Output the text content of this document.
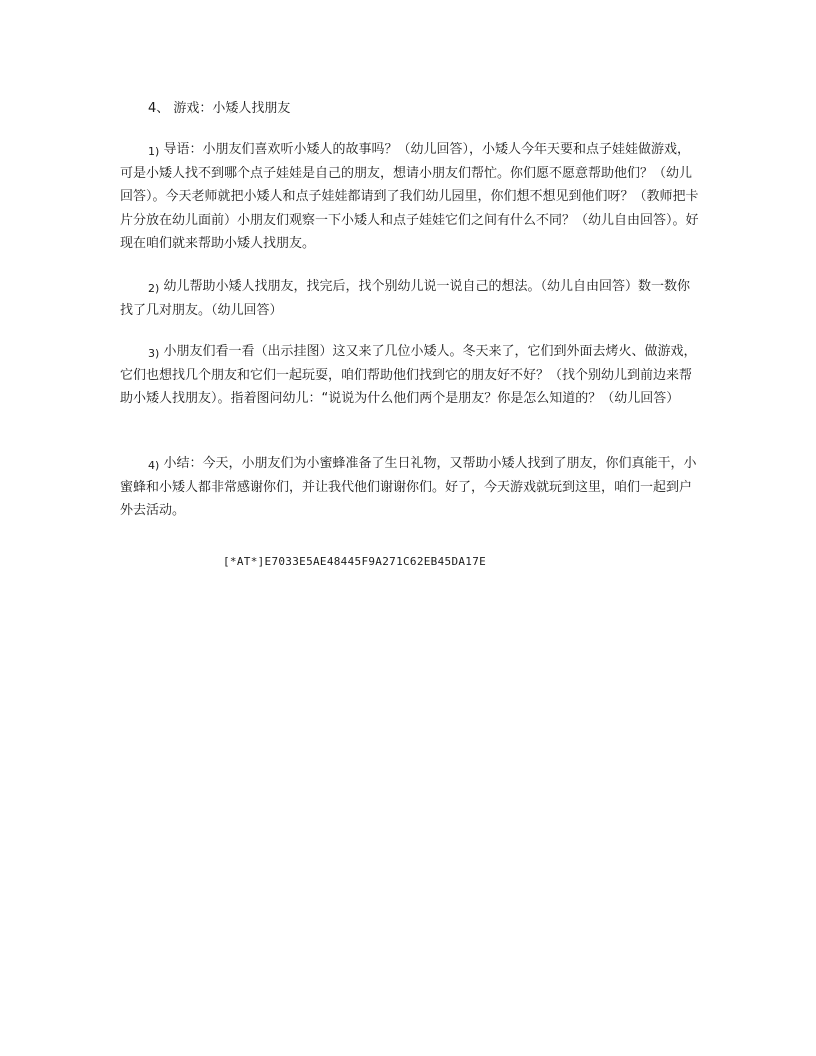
4、 游戏：小矮人找朋友

1) 导语：小朋友们喜欢听小矮人的故事吗？（幼儿回答），小矮人今年天要和点子娃娃做游戏，可是小矮人找不到哪个点子娃娃是自己的朋友，想请小朋友们帮忙。你们愿不愿意帮助他们？（幼儿回答）。今天老师就把小矮人和点子娃娃都请到了我们幼儿园里，你们想不想见到他们呀？（教师把卡片分放在幼儿面前）小朋友们观察一下小矮人和点子娃娃它们之间有什么不同？（幼儿自由回答）。好现在咱们就来帮助小矮人找朋友。

2) 幼儿帮助小矮人找朋友，找完后，找个别幼儿说一说自己的想法。（幼儿自由回答）数一数你找了几对朋友。（幼儿回答）

3) 小朋友们看一看（出示挂图）这又来了几位小矮人。冬天来了，它们到外面去烤火、做游戏，它们也想找几个朋友和它们一起玩耍，咱们帮助他们找到它的朋友好不好？（找个别幼儿到前边来帮助小矮人找朋友）。指着图问幼儿：“说说为什么他们两个是朋友？你是怎么知道的？（幼儿回答）

4) 小结：今天，小朋友们为小蜜蜂准备了生日礼物，又帮助小矮人找到了朋友，你们真能干，小蜜蜂和小矮人都非常感谢你们，并让我代他们谢谢你们。好了，今天游戏就玩到这里，咱们一起到户外去活动。

[*AT*]E7033E5AE48445F9A271C62EB45DA17E
